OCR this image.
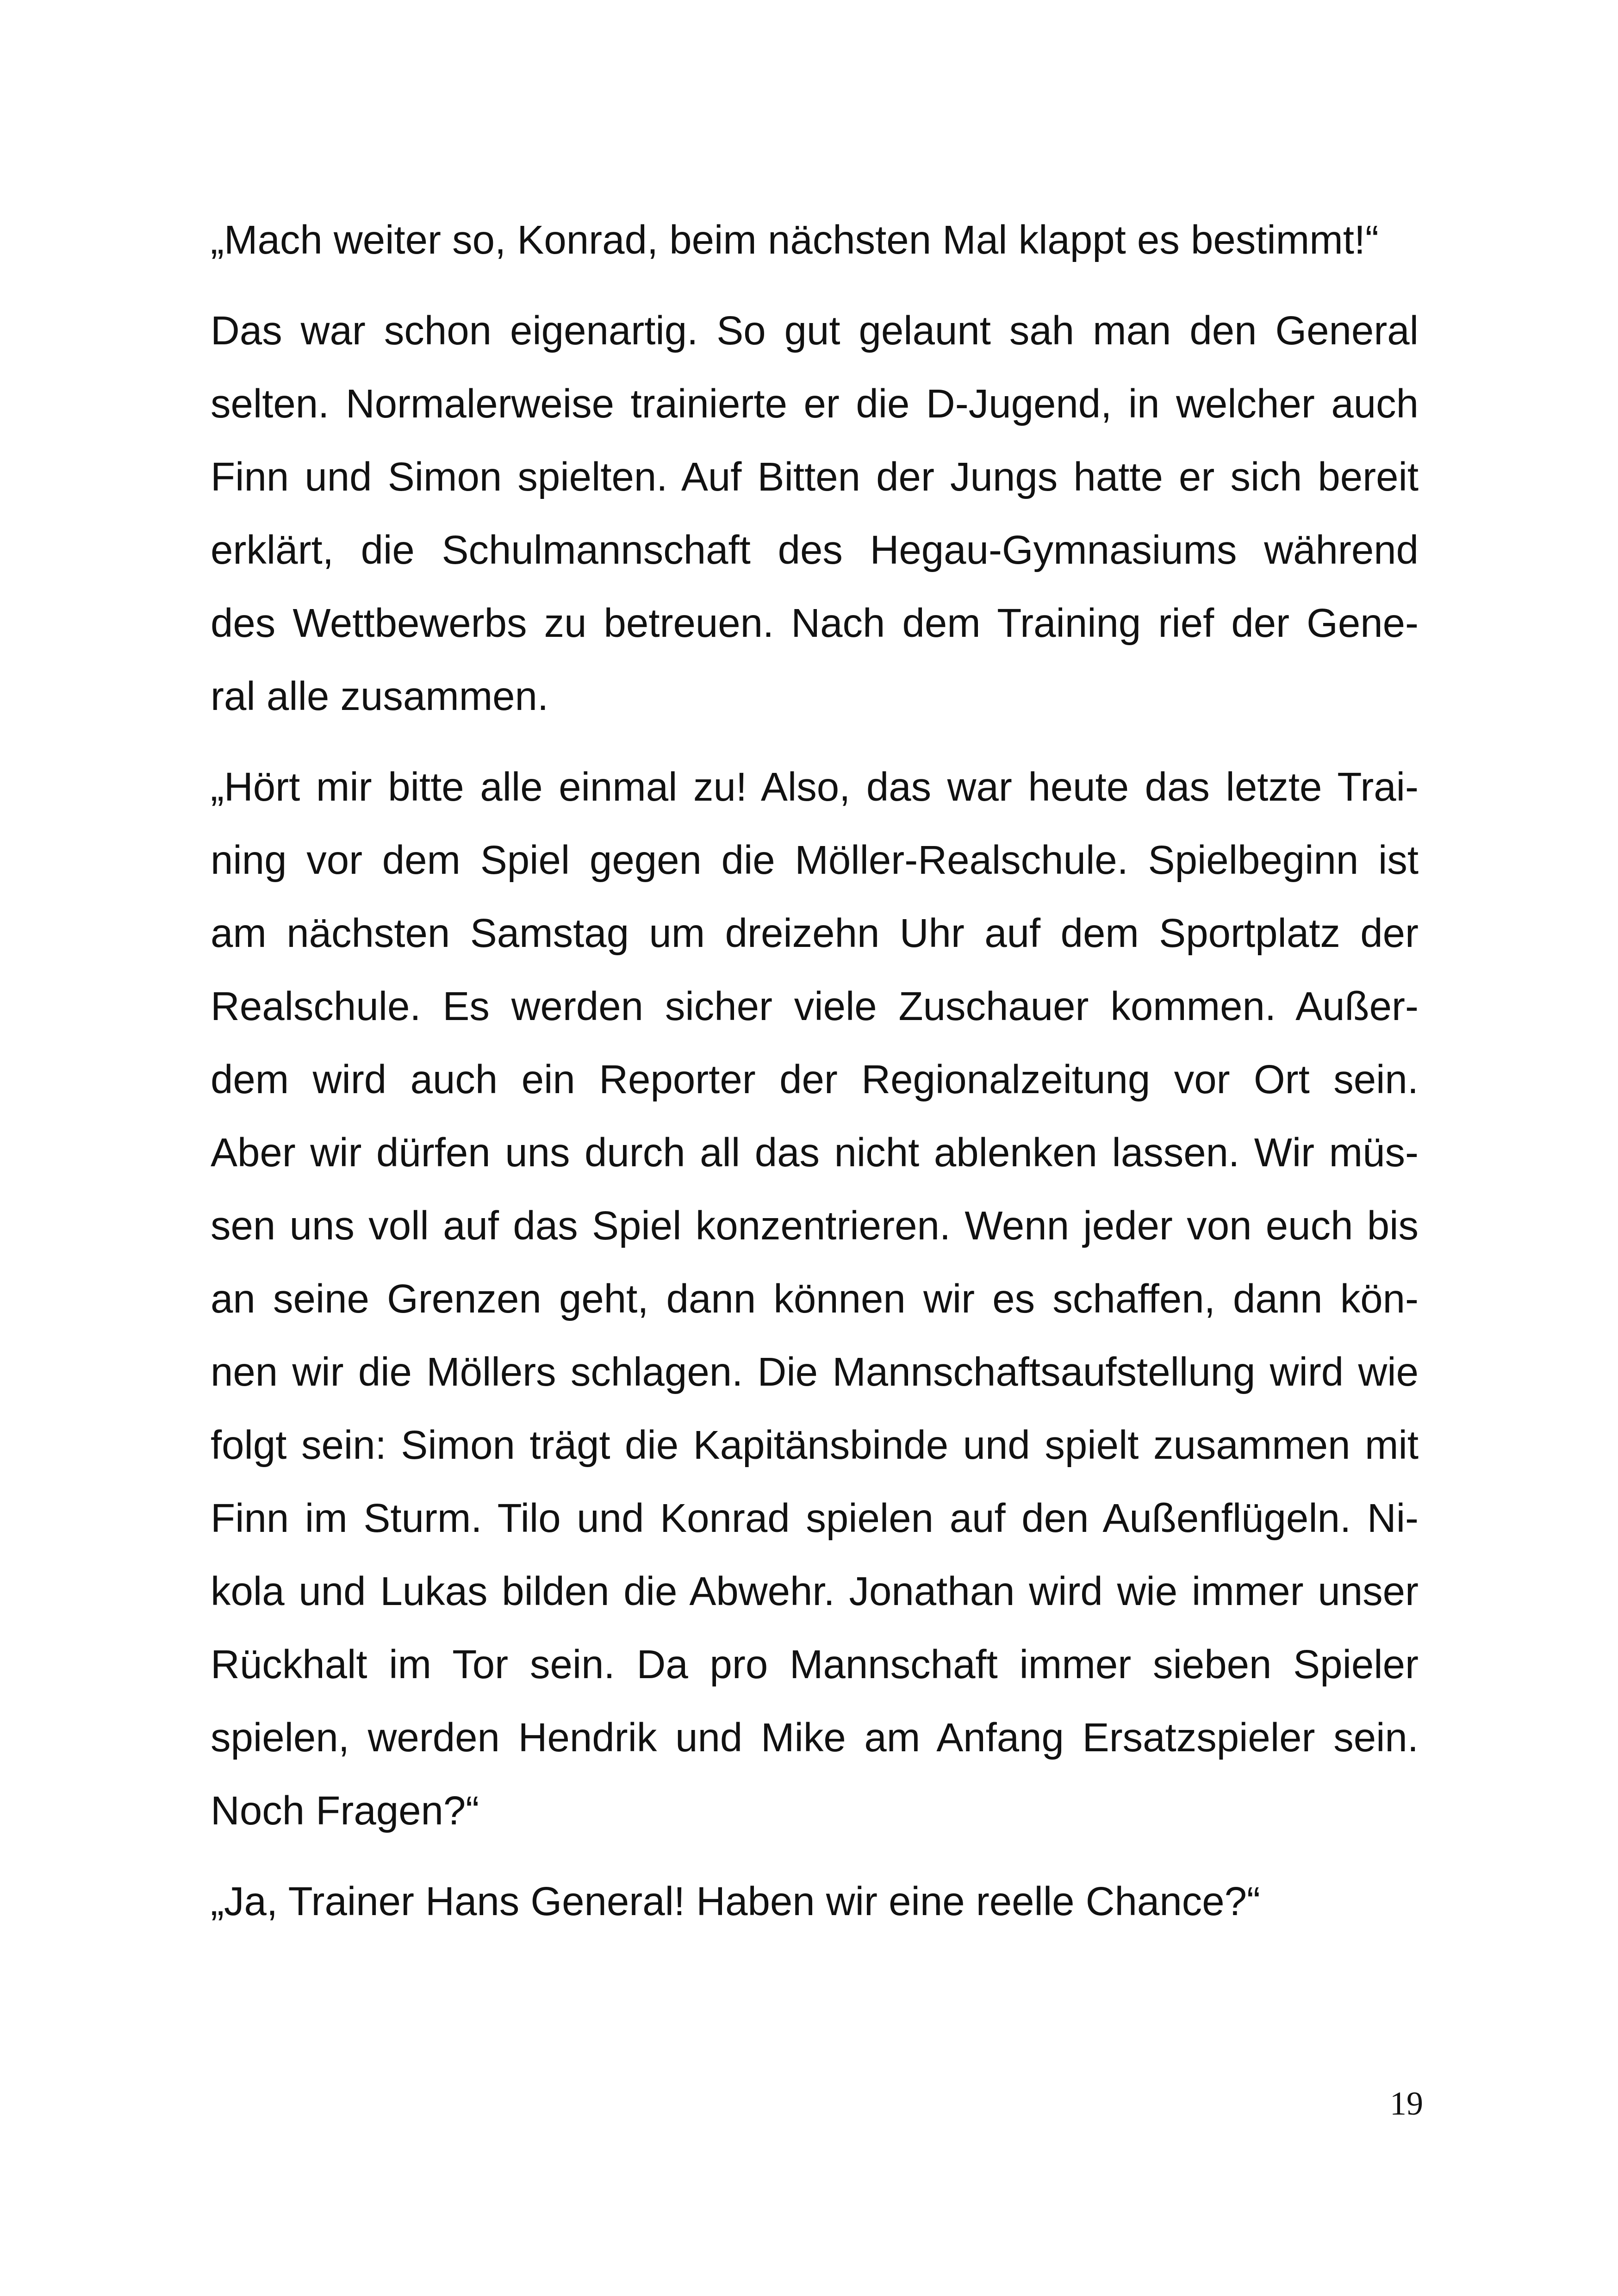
„Mach weiter so, Konrad, beim nächsten Mal klappt es bestimmt!“

Das war schon eigenartig. So gut gelaunt sah man den General
selten. Normalerweise trainierte er die D-Jugend, in welcher auch
Finn und Simon spielten. Auf Bitten der Jungs hatte er sich bereit
erklärt, die Schulmannschaft des Hegau-Gymnasiums während
des Wettbewerbs zu betreuen. Nach dem Training rief der Gene-
ral alle zusammen.

„Hört mir bitte alle einmal zu! Also, das war heute das letzte Trai-
ning vor dem Spiel gegen die Möller-Realschule. Spielbeginn ist
am nächsten Samstag um dreizehn Uhr auf dem Sportplatz der
Realschule. Es werden sicher viele Zuschauer kommen. Außer-
dem wird auch ein Reporter der Regionalzeitung vor Ort sein.
Aber wir dürfen uns durch all das nicht ablenken lassen. Wir müs-
sen uns voll auf das Spiel konzentrieren. Wenn jeder von euch bis
an seine Grenzen geht, dann können wir es schaffen, dann kön-
nen wir die Möllers schlagen. Die Mannschaftsaufstellung wird wie
folgt sein: Simon trägt die Kapitänsbinde und spielt zusammen mit
Finn im Sturm. Tilo und Konrad spielen auf den Außenflügeln. Ni-
kola und Lukas bilden die Abwehr. Jonathan wird wie immer unser
Rückhalt im Tor sein. Da pro Mannschaft immer sieben Spieler
spielen, werden Hendrik und Mike am Anfang Ersatzspieler sein.
Noch Fragen?“

„Ja, Trainer Hans General! Haben wir eine reelle Chance?“

19
